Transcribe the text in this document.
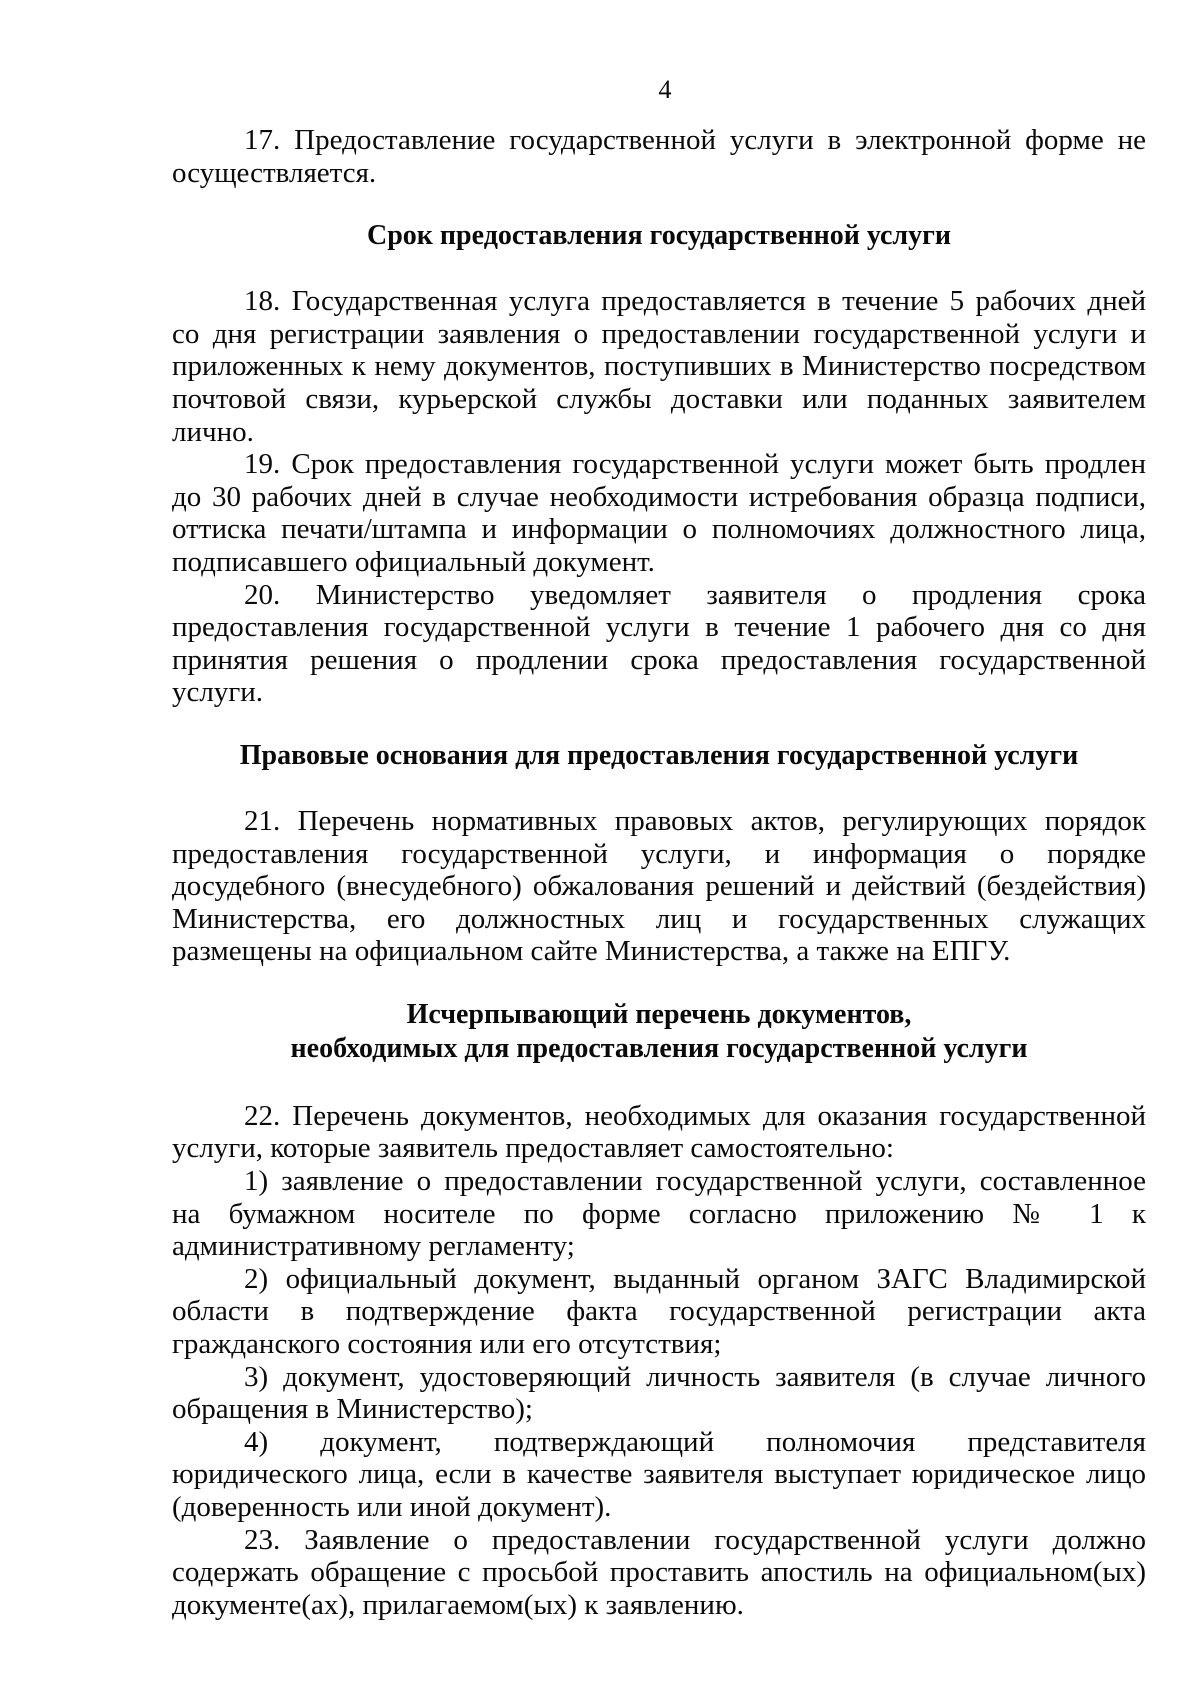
4

17. Предоставление государственной услуги в электронной форме не осуществляется.

Срок предоставления государственной услуги

18. Государственная услуга предоставляется в течение 5 рабочих дней со дня регистрации заявления о предоставлении государственной услуги и приложенных к нему документов, поступивших в Министерство посредством почтовой связи, курьерской службы доставки или поданных заявителем лично.

19. Срок предоставления государственной услуги может быть продлен до 30 рабочих дней в случае необходимости истребования образца подписи, оттиска печати/штампа и информации о полномочиях должностного лица, подписавшего официальный документ.

20. Министерство уведомляет заявителя о продления срока предоставления государственной услуги в течение 1 рабочего дня со дня принятия решения о продлении срока предоставления государственной услуги.

Правовые основания для предоставления государственной услуги

21. Перечень нормативных правовых актов, регулирующих порядок предоставления государственной услуги, и информация о порядке досудебного (внесудебного) обжалования решений и действий (бездействия) Министерства, его должностных лиц и государственных служащих размещены на официальном сайте Министерства, а также на ЕПГУ.

Исчерпывающий перечень документов,
необходимых для предоставления государственной услуги

22. Перечень документов, необходимых для оказания государственной услуги, которые заявитель предоставляет самостоятельно:

1) заявление о предоставлении государственной услуги, составленное на бумажном носителе по форме согласно приложению № 1 к административному регламенту;

2) официальный документ, выданный органом ЗАГС Владимирской области в подтверждение факта государственной регистрации акта гражданского состояния или его отсутствия;

3) документ, удостоверяющий личность заявителя (в случае личного обращения в Министерство);

4) документ, подтверждающий полномочия представителя юридического лица, если в качестве заявителя выступает юридическое лицо (доверенность или иной документ).

23. Заявление о предоставлении государственной услуги должно содержать обращение с просьбой проставить апостиль на официальном(ых) документе(ах), прилагаемом(ых) к заявлению.
